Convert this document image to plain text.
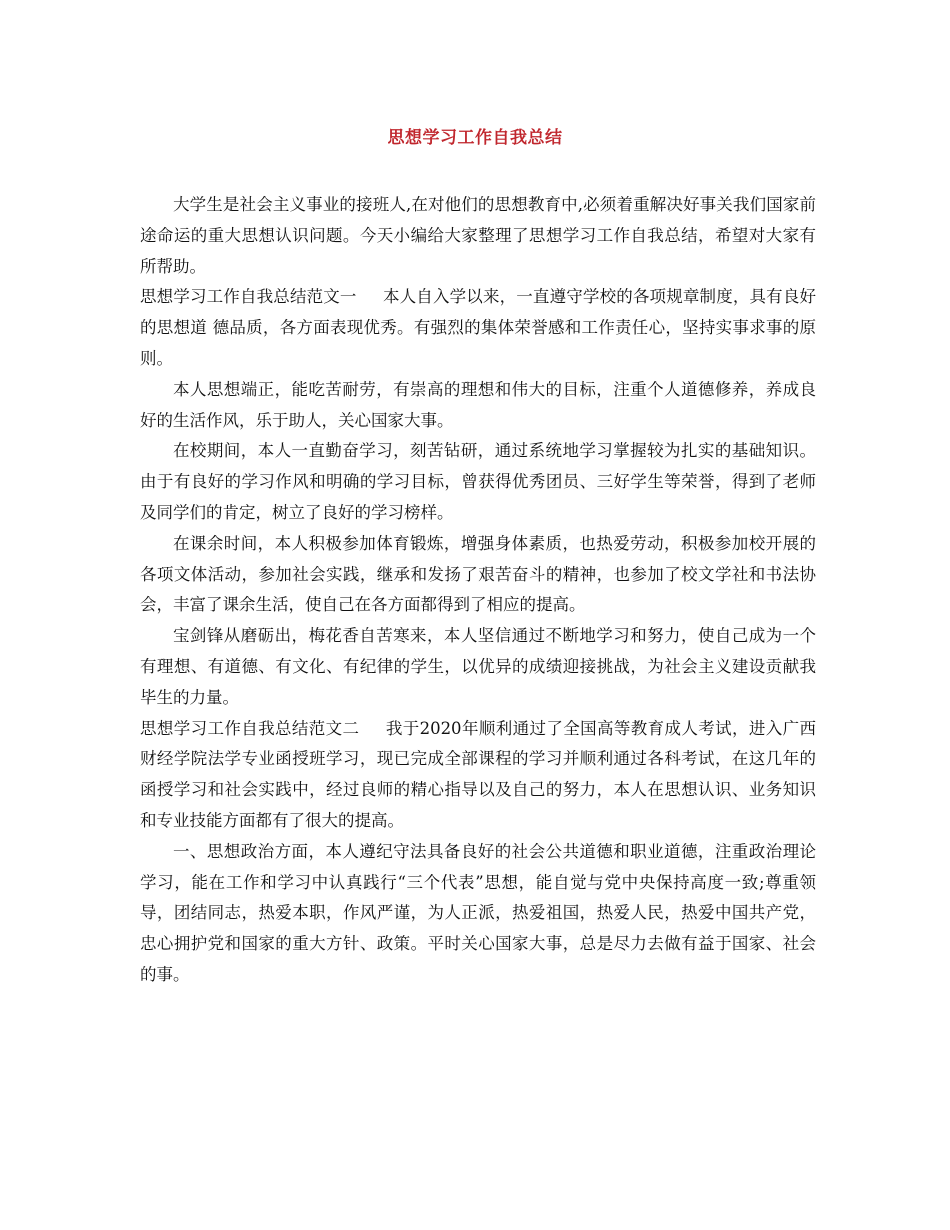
思想学习工作自我总结

大学生是社会主义事业的接班人,在对他们的思想教育中,必须着重解决好事关我们国家前途命运的重大思想认识问题。今天小编给大家整理了思想学习工作自我总结，希望对大家有所帮助。

思想学习工作自我总结范文一 本人自入学以来，一直遵守学校的各项规章制度，具有良好的思想道 德品质，各方面表现优秀。有强烈的集体荣誉感和工作责任心，坚持实事求事的原则。

本人思想端正，能吃苦耐劳，有崇高的理想和伟大的目标，注重个人道德修养，养成良好的生活作风，乐于助人，关心国家大事。

在校期间，本人一直勤奋学习，刻苦钻研，通过系统地学习掌握较为扎实的基础知识。由于有良好的学习作风和明确的学习目标，曾获得优秀团员、三好学生等荣誉，得到了老师及同学们的肯定，树立了良好的学习榜样。

在课余时间，本人积极参加体育锻炼，增强身体素质，也热爱劳动，积极参加校开展的各项文体活动，参加社会实践，继承和发扬了艰苦奋斗的精神，也参加了校文学社和书法协会，丰富了课余生活，使自己在各方面都得到了相应的提高。

宝剑锋从磨砺出，梅花香自苦寒来，本人坚信通过不断地学习和努力，使自己成为一个有理想、有道德、有文化、有纪律的学生，以优异的成绩迎接挑战，为社会主义建设贡献我毕生的力量。

思想学习工作自我总结范文二 我于2020年顺利通过了全国高等教育成人考试，进入广西财经学院法学专业函授班学习，现已完成全部课程的学习并顺利通过各科考试，在这几年的函授学习和社会实践中，经过良师的精心指导以及自己的努力，本人在思想认识、业务知识和专业技能方面都有了很大的提高。

一、思想政治方面，本人遵纪守法具备良好的社会公共道德和职业道德，注重政治理论学习，能在工作和学习中认真践行“三个代表”思想，能自觉与党中央保持高度一致;尊重领导，团结同志，热爱本职，作风严谨，为人正派，热爱祖国，热爱人民，热爱中国共产党，忠心拥护党和国家的重大方针、政策。平时关心国家大事，总是尽力去做有益于国家、社会的事。
